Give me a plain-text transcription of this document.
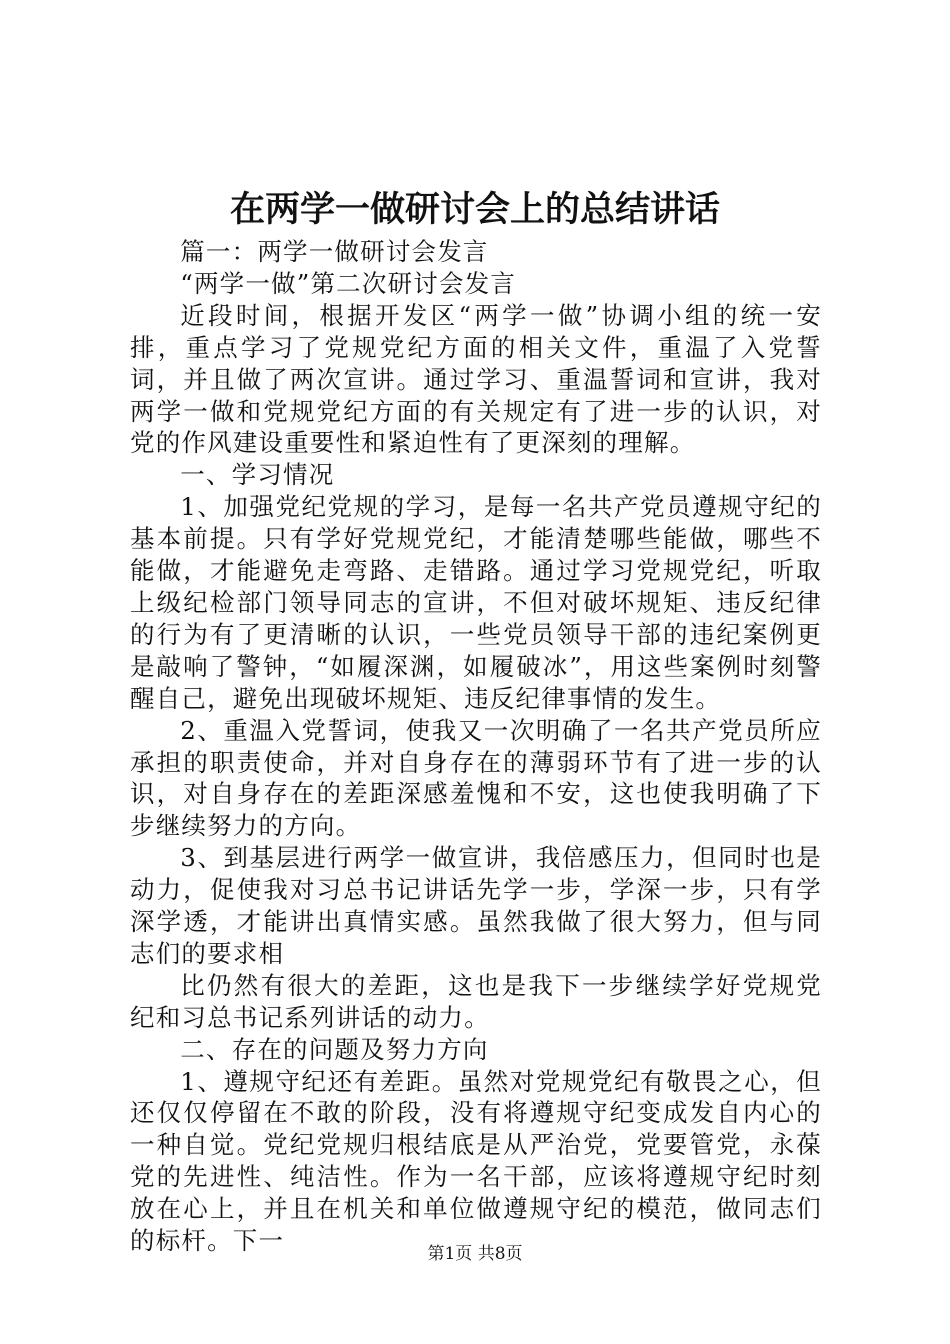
在两学一做研讨会上的总结讲话

篇一：两学一做研讨会发言

“两学一做”第二次研讨会发言

近段时间，根据开发区“两学一做”协调小组的统一安排，重点学习了党规党纪方面的相关文件，重温了入党誓词，并且做了两次宣讲。通过学习、重温誓词和宣讲，我对两学一做和党规党纪方面的有关规定有了进一步的认识，对党的作风建设重要性和紧迫性有了更深刻的理解。

一、学习情况

1、加强党纪党规的学习，是每一名共产党员遵规守纪的基本前提。只有学好党规党纪，才能清楚哪些能做，哪些不能做，才能避免走弯路、走错路。通过学习党规党纪，听取上级纪检部门领导同志的宣讲，不但对破坏规矩、违反纪律的行为有了更清晰的认识，一些党员领导干部的违纪案例更是敲响了警钟，“如履深渊，如履破冰”，用这些案例时刻警醒自己，避免出现破坏规矩、违反纪律事情的发生。

2、重温入党誓词，使我又一次明确了一名共产党员所应承担的职责使命，并对自身存在的薄弱环节有了进一步的认识，对自身存在的差距深感羞愧和不安，这也使我明确了下步继续努力的方向。

3、到基层进行两学一做宣讲，我倍感压力，但同时也是动力，促使我对习总书记讲话先学一步，学深一步，只有学深学透，才能讲出真情实感。虽然我做了很大努力，但与同志们的要求相

比仍然有很大的差距，这也是我下一步继续学好党规党纪和习总书记系列讲话的动力。

二、存在的问题及努力方向

1、遵规守纪还有差距。虽然对党规党纪有敬畏之心，但还仅仅停留在不敢的阶段，没有将遵规守纪变成发自内心的一种自觉。党纪党规归根结底是从严治党，党要管党，永葆党的先进性、纯洁性。作为一名干部，应该将遵规守纪时刻放在心上，并且在机关和单位做遵规守纪的模范，做同志们的标杆。下一	第1页 共8页
